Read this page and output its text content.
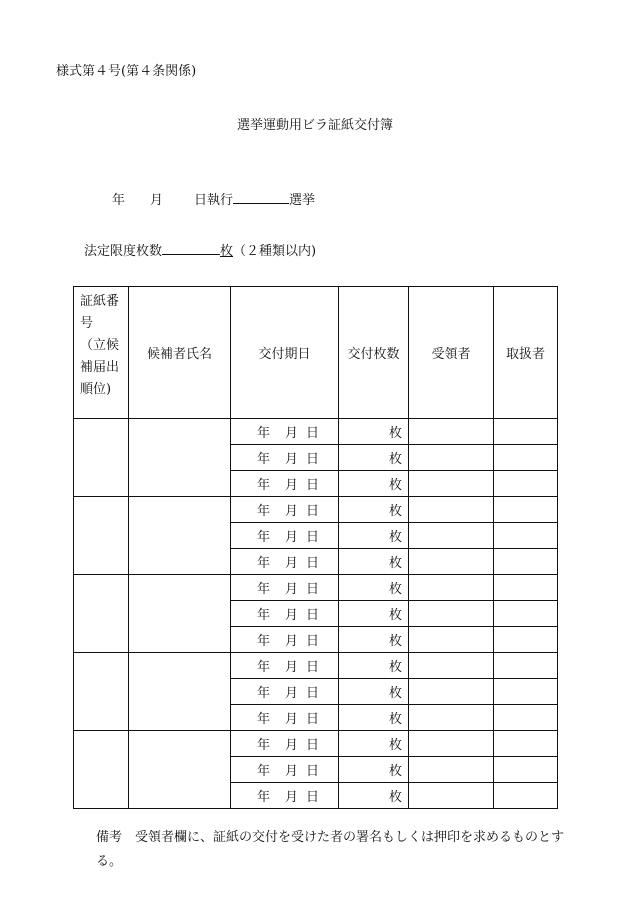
様式第４号(第４条関係)
選挙運動用ビラ証紙交付簿
年 月 日執行	選挙
法定限度枚数	枚（２種類以内)
証紙番
号
（立候
補届出
順位)	候補者氏名	交付期日	交付枚数	受領者	取扱者
		年 月 日	枚		
		年 月 日	枚		
		年 月 日	枚		
		年 月 日	枚		
		年 月 日	枚		
		年 月 日	枚		
		年 月 日	枚		
		年 月 日	枚		
		年 月 日	枚		
		年 月 日	枚		
		年 月 日	枚		
		年 月 日	枚		
		年 月 日	枚		
		年 月 日	枚		
		年 月 日	枚		
備考　受領者欄に、証紙の交付を受けた者の署名もしくは押印を求めるものとす
る。
